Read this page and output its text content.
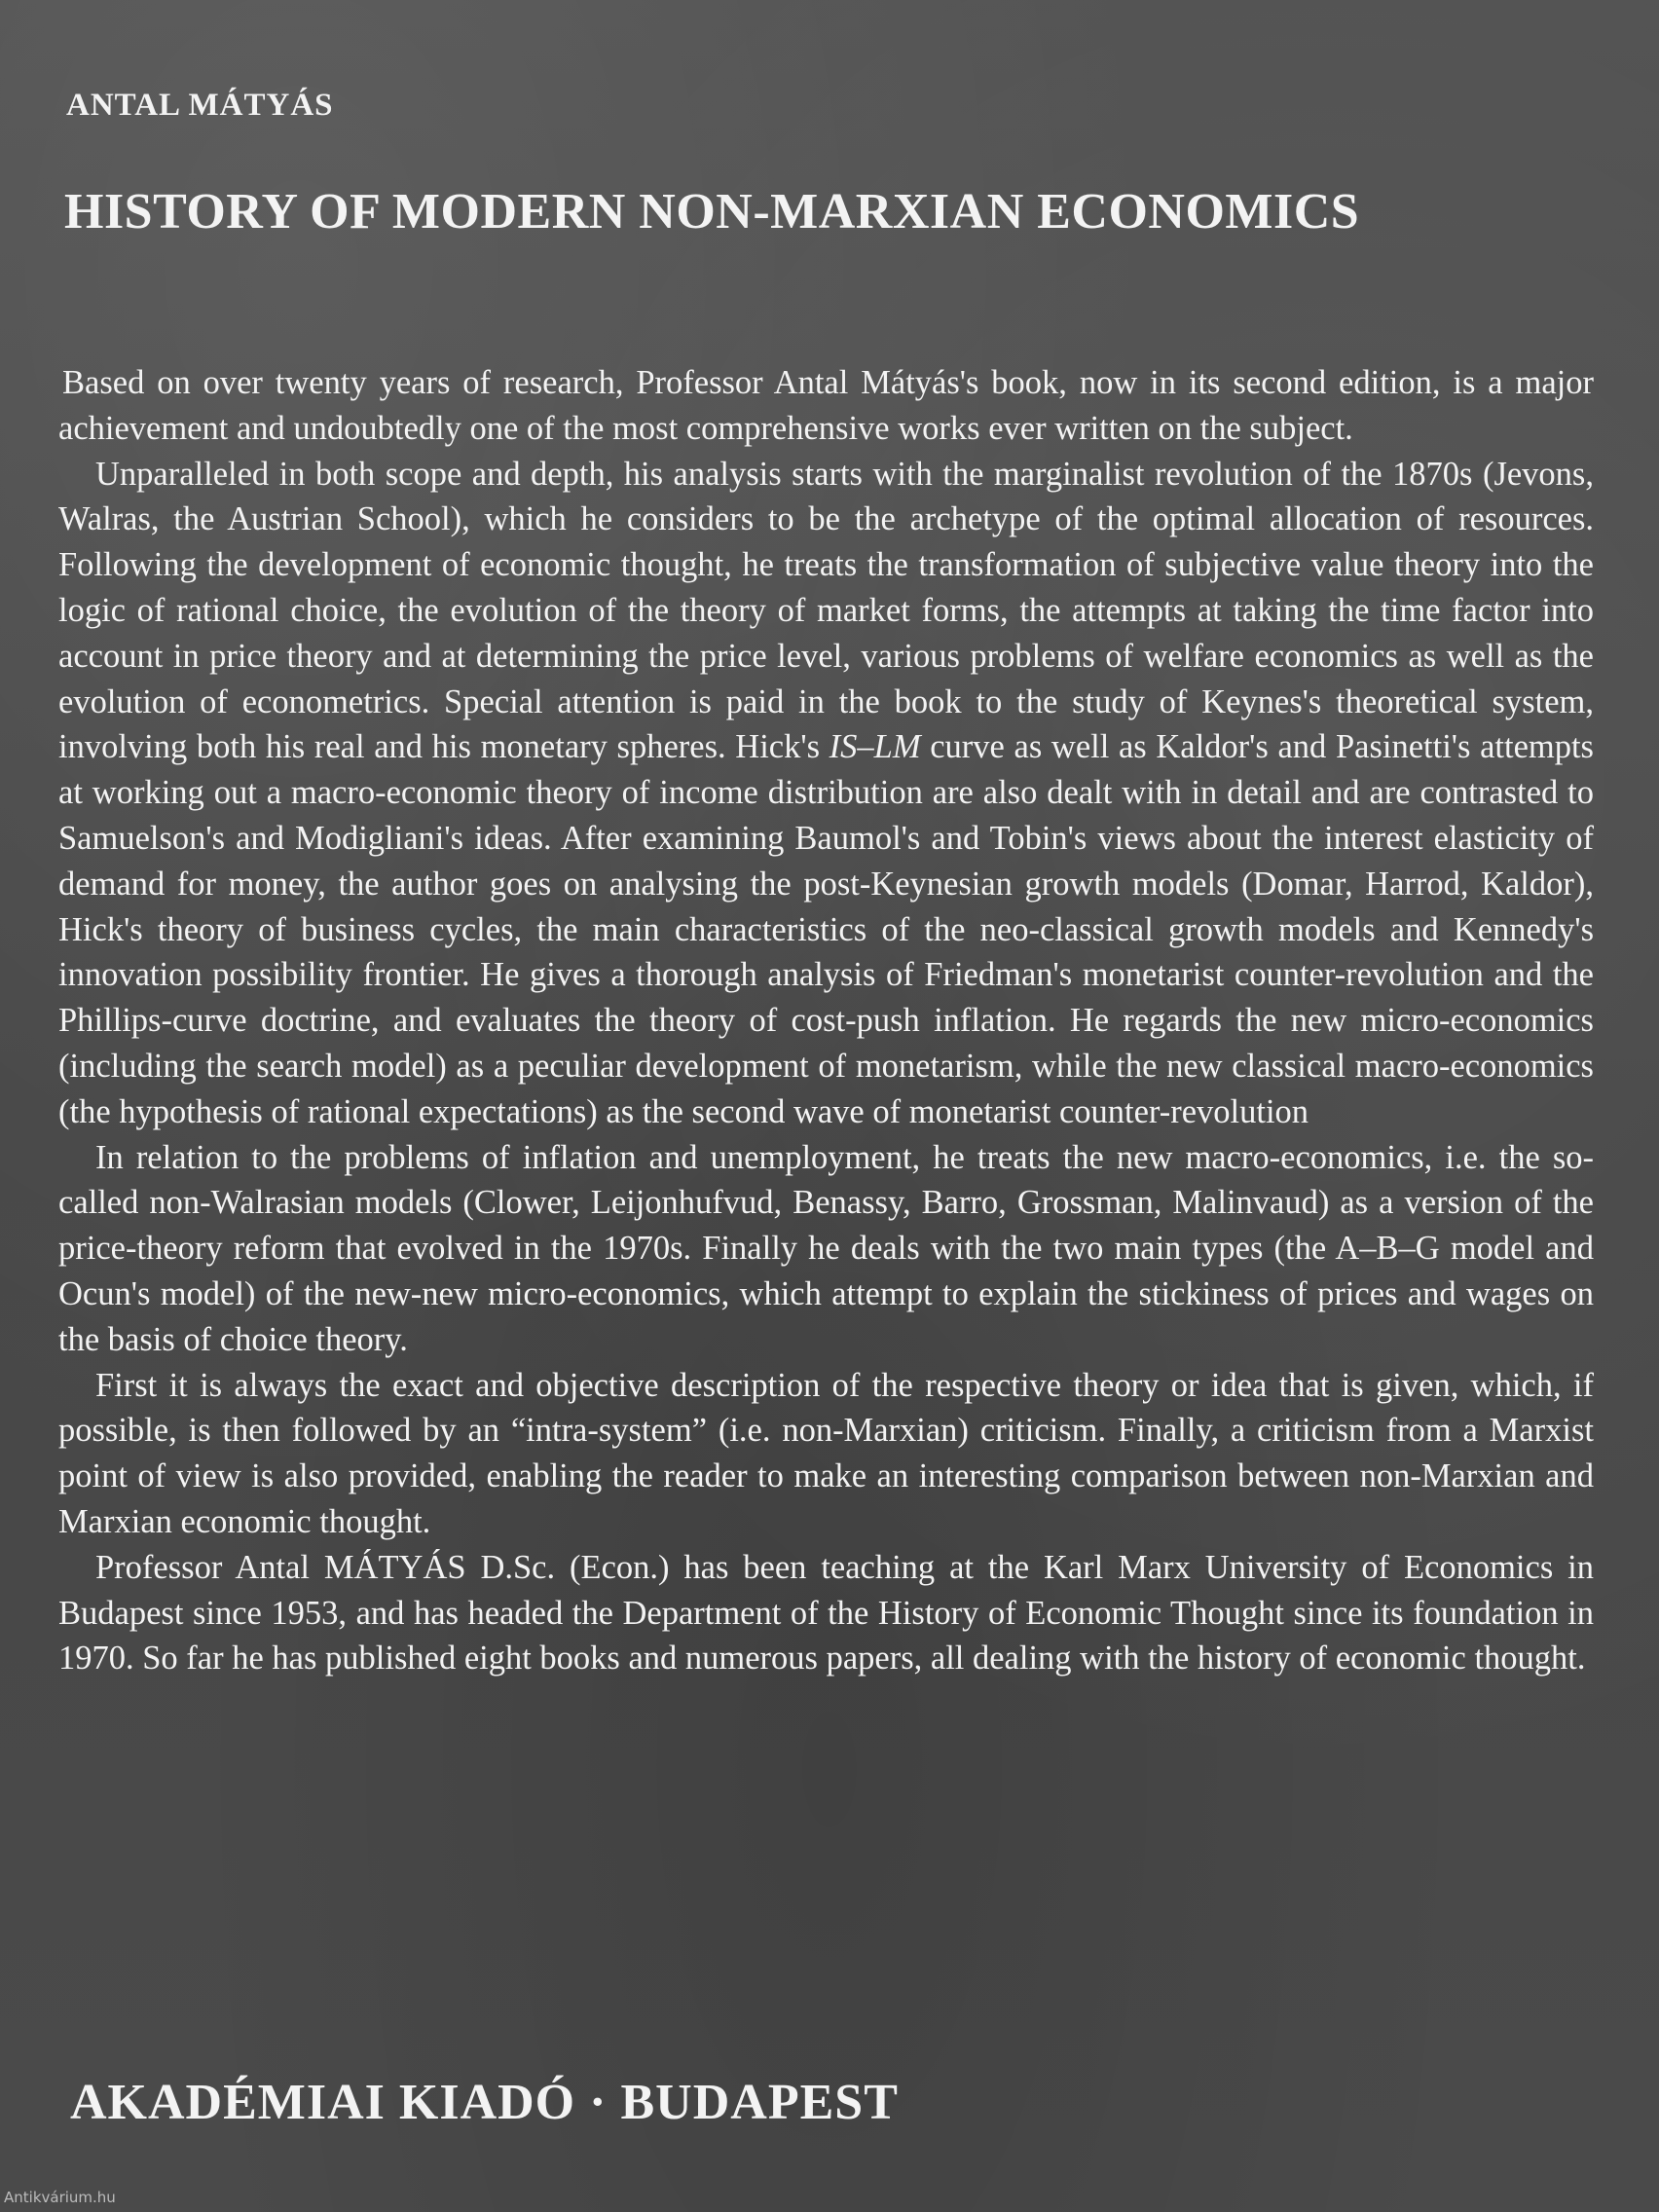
ANTAL MÁTYÁS
HISTORY OF MODERN NON-MARXIAN ECONOMICS

Based on over twenty years of research, Professor Antal Mátyás's book, now in its second edition, is a major achievement and undoubtedly one of the most comprehensive works ever written on the subject.

Unparalleled in both scope and depth, his analysis starts with the marginalist revolution of the 1870s (Jevons, Walras, the Austrian School), which he considers to be the archetype of the optimal allocation of resources. Following the development of economic thought, he treats the transformation of subjective value theory into the logic of rational choice, the evolution of the theory of market forms, the attempts at taking the time factor into account in price theory and at determining the price level, various problems of welfare economics as well as the evolution of econometrics. Special attention is paid in the book to the study of Keynes's theoretical system, involving both his real and his monetary spheres. Hick's IS–LM curve as well as Kaldor's and Pasinetti's attempts at working out a macro-economic theory of income distribution are also dealt with in detail and are contrasted to Samuelson's and Modigliani's ideas. After examining Baumol's and Tobin's views about the interest elasticity of demand for money, the author goes on analysing the post-Keynesian growth models (Domar, Harrod, Kaldor), Hick's theory of business cycles, the main characteristics of the neo-classical growth models and Kennedy's innovation possibility frontier. He gives a thorough analysis of Friedman's monetarist counter-revolution and the Phillips-curve doctrine, and evaluates the theory of cost-push inflation. He regards the new micro-economics (including the search model) as a peculiar development of monetarism, while the new classical macro-economics (the hypothesis of rational expectations) as the second wave of monetarist counter-revolution

In relation to the problems of inflation and unemployment, he treats the new macro-economics, i.e. the so-called non-Walrasian models (Clower, Leijonhufvud, Benassy, Barro, Grossman, Malinvaud) as a version of the price-theory reform that evolved in the 1970s. Finally he deals with the two main types (the A–B–G model and Ocun's model) of the new-new micro-economics, which attempt to explain the stickiness of prices and wages on the basis of choice theory.

First it is always the exact and objective description of the respective theory or idea that is given, which, if possible, is then followed by an “intra-system” (i.e. non-Marxian) criticism. Finally, a criticism from a Marxist point of view is also provided, enabling the reader to make an interesting comparison between non-Marxian and Marxian economic thought.

Professor Antal MÁTYÁS D.Sc. (Econ.) has been teaching at the Karl Marx University of Economics in Budapest since 1953, and has headed the Department of the History of Economic Thought since its foundation in 1970. So far he has published eight books and numerous papers, all dealing with the history of economic thought.

AKADÉMIAI KIADÓ · BUDAPEST
Antikvárium.hu
